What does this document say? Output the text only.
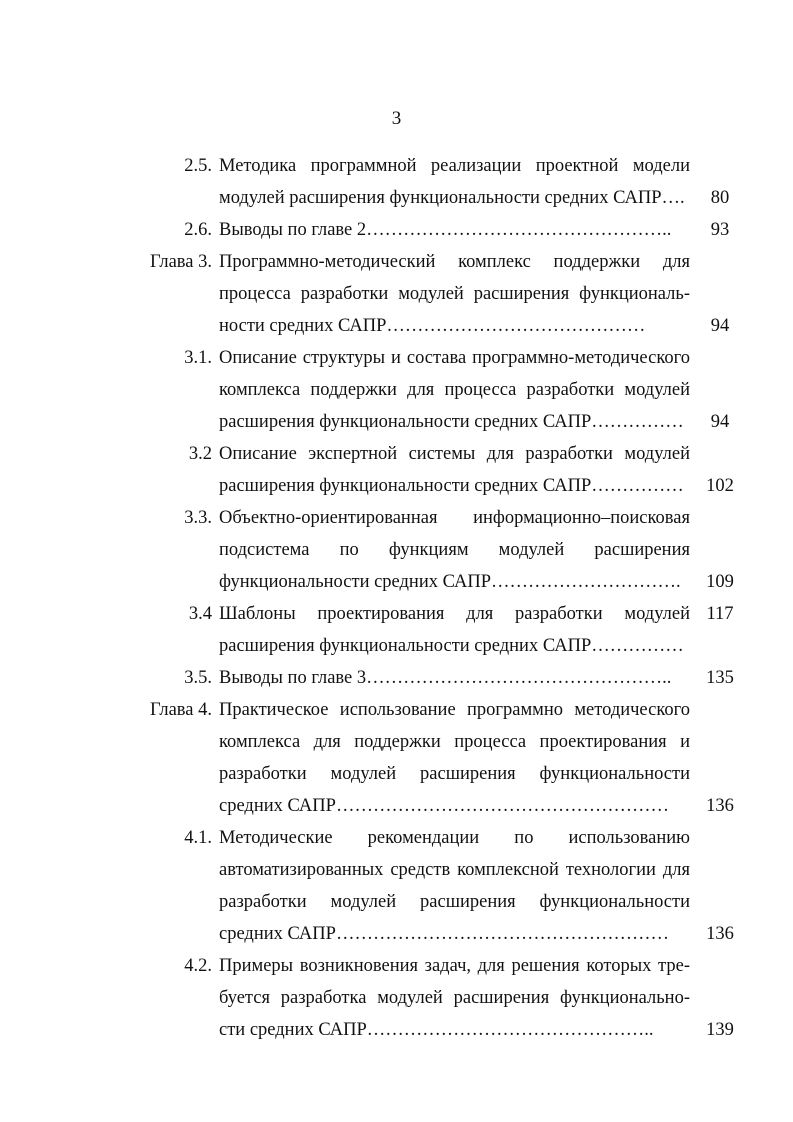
3
2.5. Методика программной реализации проектной модели
модулей расширения функциональности средних САПР….	80
2.6. Выводы по главе 2…………………………………………..	93
Глава 3. Программно-методический комплекс поддержки для
процесса разработки модулей расширения функциональ-
ности средних САПР……………………………………	94
3.1. Описание структуры и состава программно-методического
комплекса поддержки для процесса разработки модулей
расширения функциональности средних САПР……………	94
3.2 Описание экспертной системы для разработки модулей
расширения функциональности средних САПР……………	102
3.3. Объектно-ориентированная информационно–поисковая
подсистема по функциям модулей расширения
функциональности средних САПР………………………….	109
3.4 Шаблоны проектирования для разработки модулей 117
расширения функциональности средних САПР……………
3.5. Выводы по главе 3…………………………………………..	135
Глава 4. Практическое использование программно методического
комплекса для поддержки процесса проектирования и
разработки модулей расширения функциональности
средних САПР………………………………………………	136
4.1. Методические рекомендации по использованию
автоматизированных средств комплексной технологии для
разработки модулей расширения функциональности
средних САПР………………………………………………	136
4.2. Примеры возникновения задач, для решения которых тре-
буется разработка модулей расширения функционально-
сти средних САПР………………………………………..	139
